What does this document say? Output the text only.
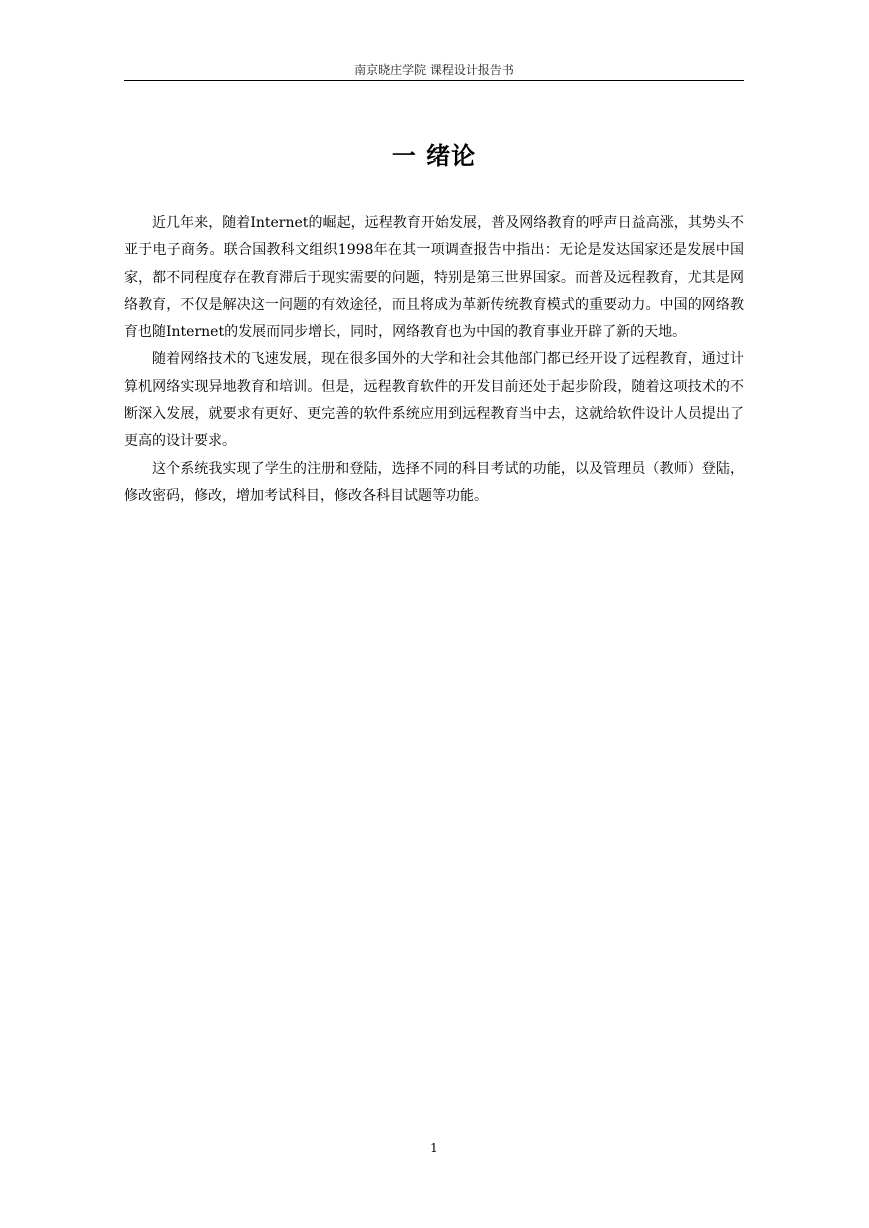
南京晓庄学院 课程设计报告书
一 绪论

近几年来，随着Internet的崛起，远程教育开始发展，普及网络教育的呼声日益高涨，其势头不亚于电子商务。联合国教科文组织1998年在其一项调查报告中指出：无论是发达国家还是发展中国家，都不同程度存在教育滞后于现实需要的问题，特别是第三世界国家。而普及远程教育，尤其是网络教育，不仅是解决这一问题的有效途径，而且将成为革新传统教育模式的重要动力。中国的网络教育也随Internet的发展而同步增长，同时，网络教育也为中国的教育事业开辟了新的天地。

随着网络技术的飞速发展，现在很多国外的大学和社会其他部门都已经开设了远程教育，通过计算机网络实现异地教育和培训。但是，远程教育软件的开发目前还处于起步阶段，随着这项技术的不断深入发展，就要求有更好、更完善的软件系统应用到远程教育当中去，这就给软件设计人员提出了更高的设计要求。

这个系统我实现了学生的注册和登陆，选择不同的科目考试的功能，以及管理员（教师）登陆，修改密码，修改，增加考试科目，修改各科目试题等功能。

1
